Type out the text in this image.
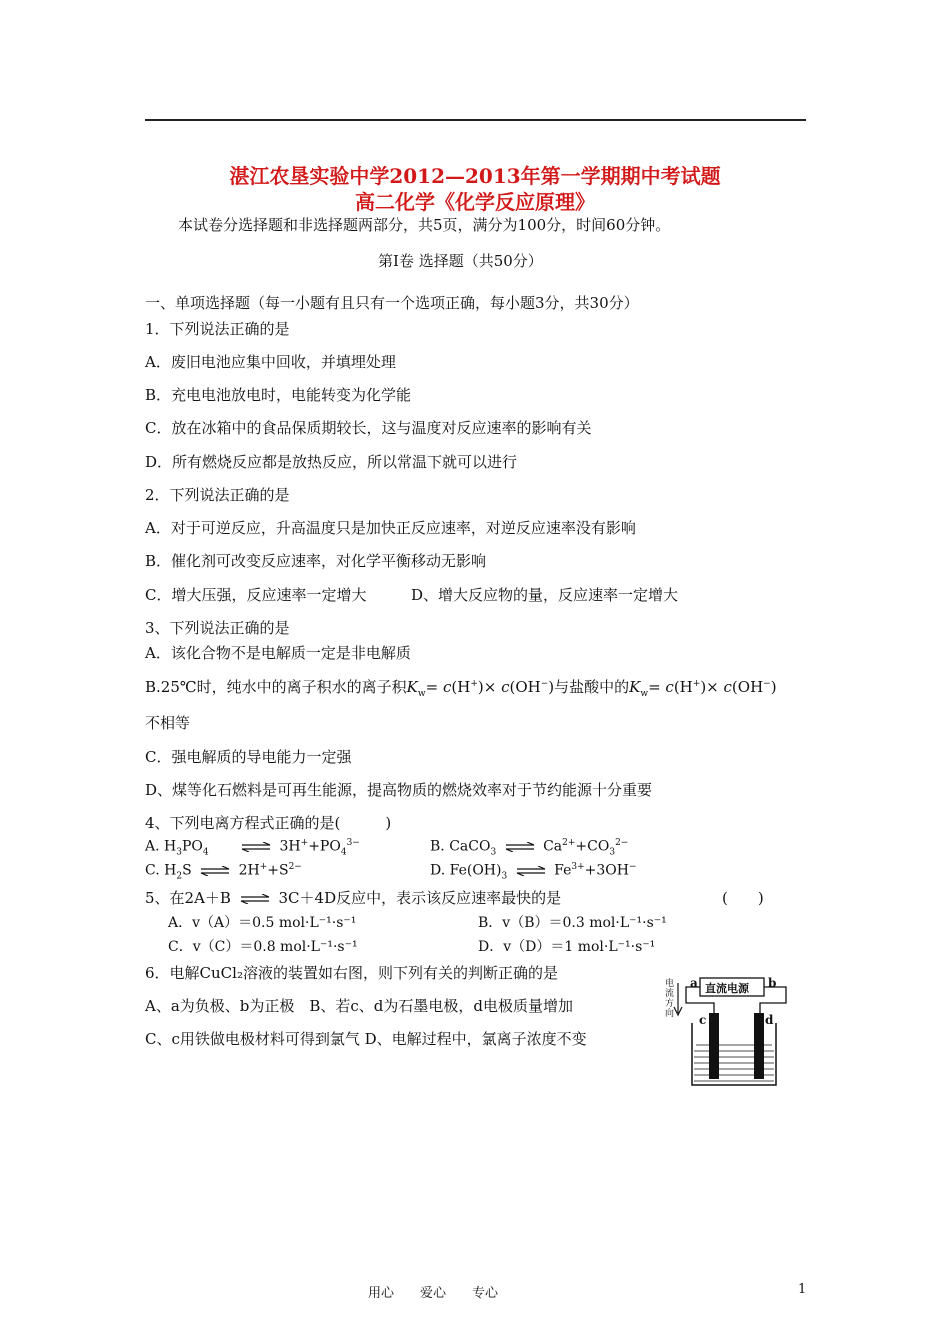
湛江农垦实验中学2012—2013年第一学期期中考试题
高二化学《化学反应原理》
本试卷分选择题和非选择题两部分，共5页，满分为100分，时间60分钟。
第Ⅰ卷 选择题（共50分）
一、单项选择题（每一小题有且只有一个选项正确，每小题3分，共30分）
1．下列说法正确的是
A．废旧电池应集中回收，并填埋处理
B．充电电池放电时，电能转变为化学能
C．放在冰箱中的食品保质期较长，这与温度对反应速率的影响有关
D．所有燃烧反应都是放热反应，所以常温下就可以进行
2．下列说法正确的是
A．对于可逆反应，升高温度只是加快正反应速率，对逆反应速率没有影响
B．催化剂可改变反应速率，对化学平衡移动无影响
C．增大压强，反应速率一定增大	D、增大反应物的量，反应速率一定增大
3、下列说法正确的是
A．该化合物不是电解质一定是非电解质
B.25℃时，纯水中的离子积水的离子积$K_w= c(H^+)\times c(OH^-)$与盐酸中的$K_w= c(H^+)\times c(OH^-)$
不相等
C．强电解质的导电能力一定强
D、煤等化石燃料是可再生能源，提高物质的燃烧效率对于节约能源十分重要
4、下列电离方程式正确的是(　　　)
A. $H_3PO_4$ ⇌ $3H^++PO_4^{3-}$	B. CaCO$_3$ ⇌ $Ca^{2+}+CO_3^{2-}$
C. $H_2S$ ⇌ $2H^++S^{2-}$	D. $Fe(OH)_3$ ⇌ $Fe^{3+}+3OH^-$
5、在2A＋B ⇌ 3C＋4D反应中，表示该反应速率最快的是	(　　)
A．v（A）＝0.5 mol·L⁻¹·s⁻¹	B．v（B）＝0.3 mol·L⁻¹·s⁻¹
C．v（C）＝0.8 mol·L⁻¹·s⁻¹	D．v（D）＝1 mol·L⁻¹·s⁻¹
6．电解CuCl₂溶液的装置如右图，则下列有关的判断正确的是
A、a为负极、b为正极　B、若c、d为石墨电极，d电极质量增加
C、c用铁做电极材料可得到氯气 D、电解过程中，氯离子浓度不变
直流电源
a	b
c	d
电流方向
用心　　爱心　　专心	1
